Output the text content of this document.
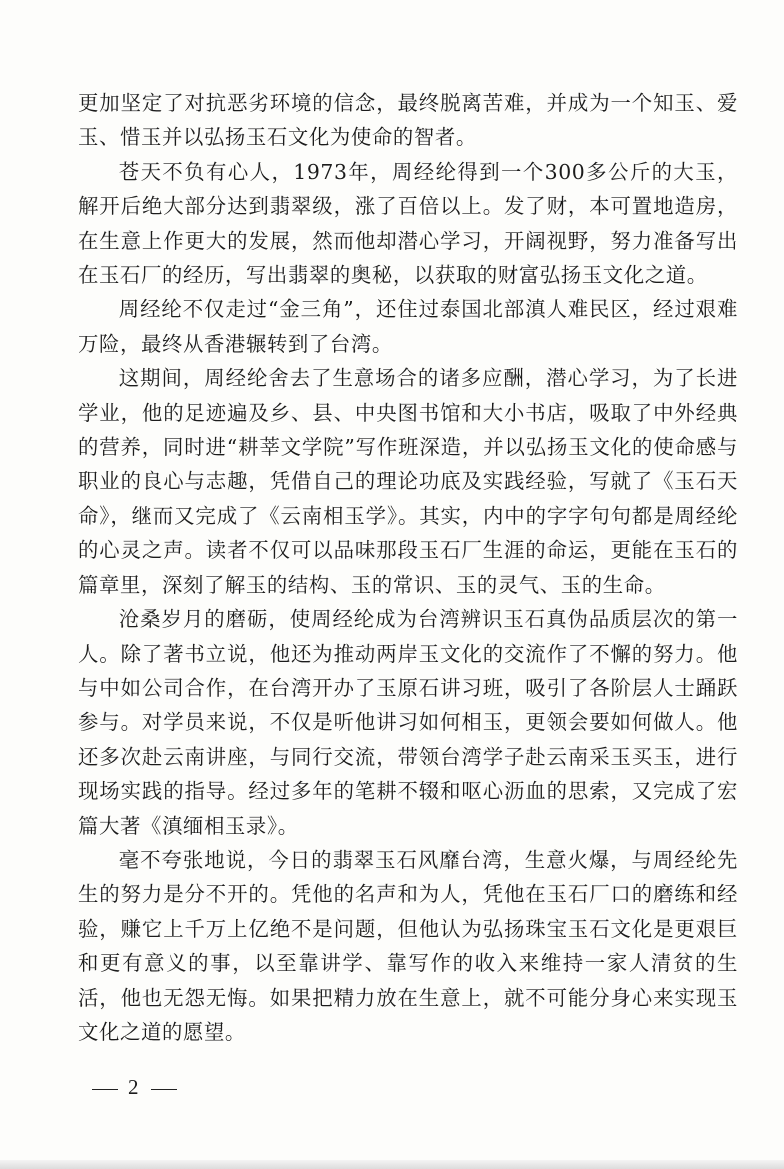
更加坚定了对抗恶劣环境的信念，最终脱离苦难，并成为一个知玉、爱玉、惜玉并以弘扬玉石文化为使命的智者。

苍天不负有心人，1973年，周经纶得到一个300多公斤的大玉，解开后绝大部分达到翡翠级，涨了百倍以上。发了财，本可置地造房，在生意上作更大的发展，然而他却潜心学习，开阔视野，努力准备写出在玉石厂的经历，写出翡翠的奥秘，以获取的财富弘扬玉文化之道。

周经纶不仅走过“金三角”，还住过泰国北部滇人难民区，经过艰难万险，最终从香港辗转到了台湾。

这期间，周经纶舍去了生意场合的诸多应酬，潜心学习，为了长进学业，他的足迹遍及乡、县、中央图书馆和大小书店，吸取了中外经典的营养，同时进“耕莘文学院”写作班深造，并以弘扬玉文化的使命感与职业的良心与志趣，凭借自己的理论功底及实践经验，写就了《玉石天命》，继而又完成了《云南相玉学》。其实，内中的字字句句都是周经纶的心灵之声。读者不仅可以品味那段玉石厂生涯的命运，更能在玉石的篇章里，深刻了解玉的结构、玉的常识、玉的灵气、玉的生命。

沧桑岁月的磨砺，使周经纶成为台湾辨识玉石真伪品质层次的第一人。除了著书立说，他还为推动两岸玉文化的交流作了不懈的努力。他与中如公司合作，在台湾开办了玉原石讲习班，吸引了各阶层人士踊跃参与。对学员来说，不仅是听他讲习如何相玉，更领会要如何做人。他还多次赴云南讲座，与同行交流，带领台湾学子赴云南采玉买玉，进行现场实践的指导。经过多年的笔耕不辍和呕心沥血的思索，又完成了宏篇大著《滇缅相玉录》。

毫不夸张地说，今日的翡翠玉石风靡台湾，生意火爆，与周经纶先生的努力是分不开的。凭他的名声和为人，凭他在玉石厂口的磨练和经验，赚它上千万上亿绝不是问题，但他认为弘扬珠宝玉石文化是更艰巨和更有意义的事，以至靠讲学、靠写作的收入来维持一家人清贫的生活，他也无怨无悔。如果把精力放在生意上，就不可能分身心来实现玉文化之道的愿望。

2
